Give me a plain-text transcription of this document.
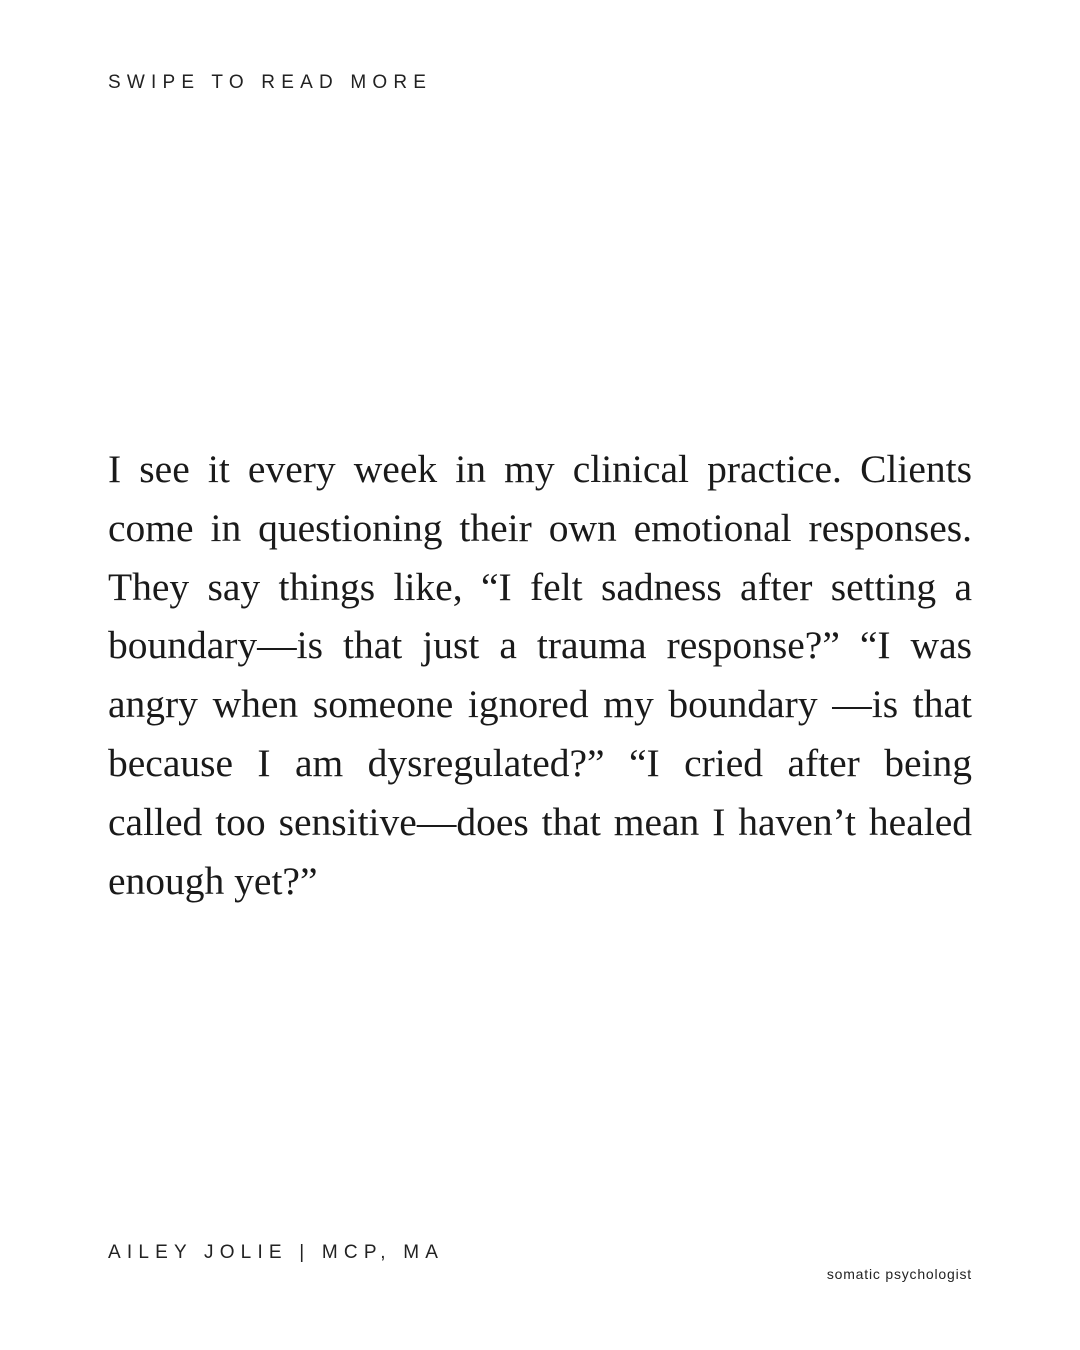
SWIPE TO READ MORE

I see it every week in my clinical practice. Clients come in questioning their own emotional responses. They say things like, “I felt sadness after setting a boundary—is that just a trauma response?” “I was angry when someone ignored my boundary —is that because I am dysregulated?” “I cried after being called too sensitive—does that mean I haven’t healed enough yet?”

AILEY JOLIE | MCP, MA
somatic psychologist
